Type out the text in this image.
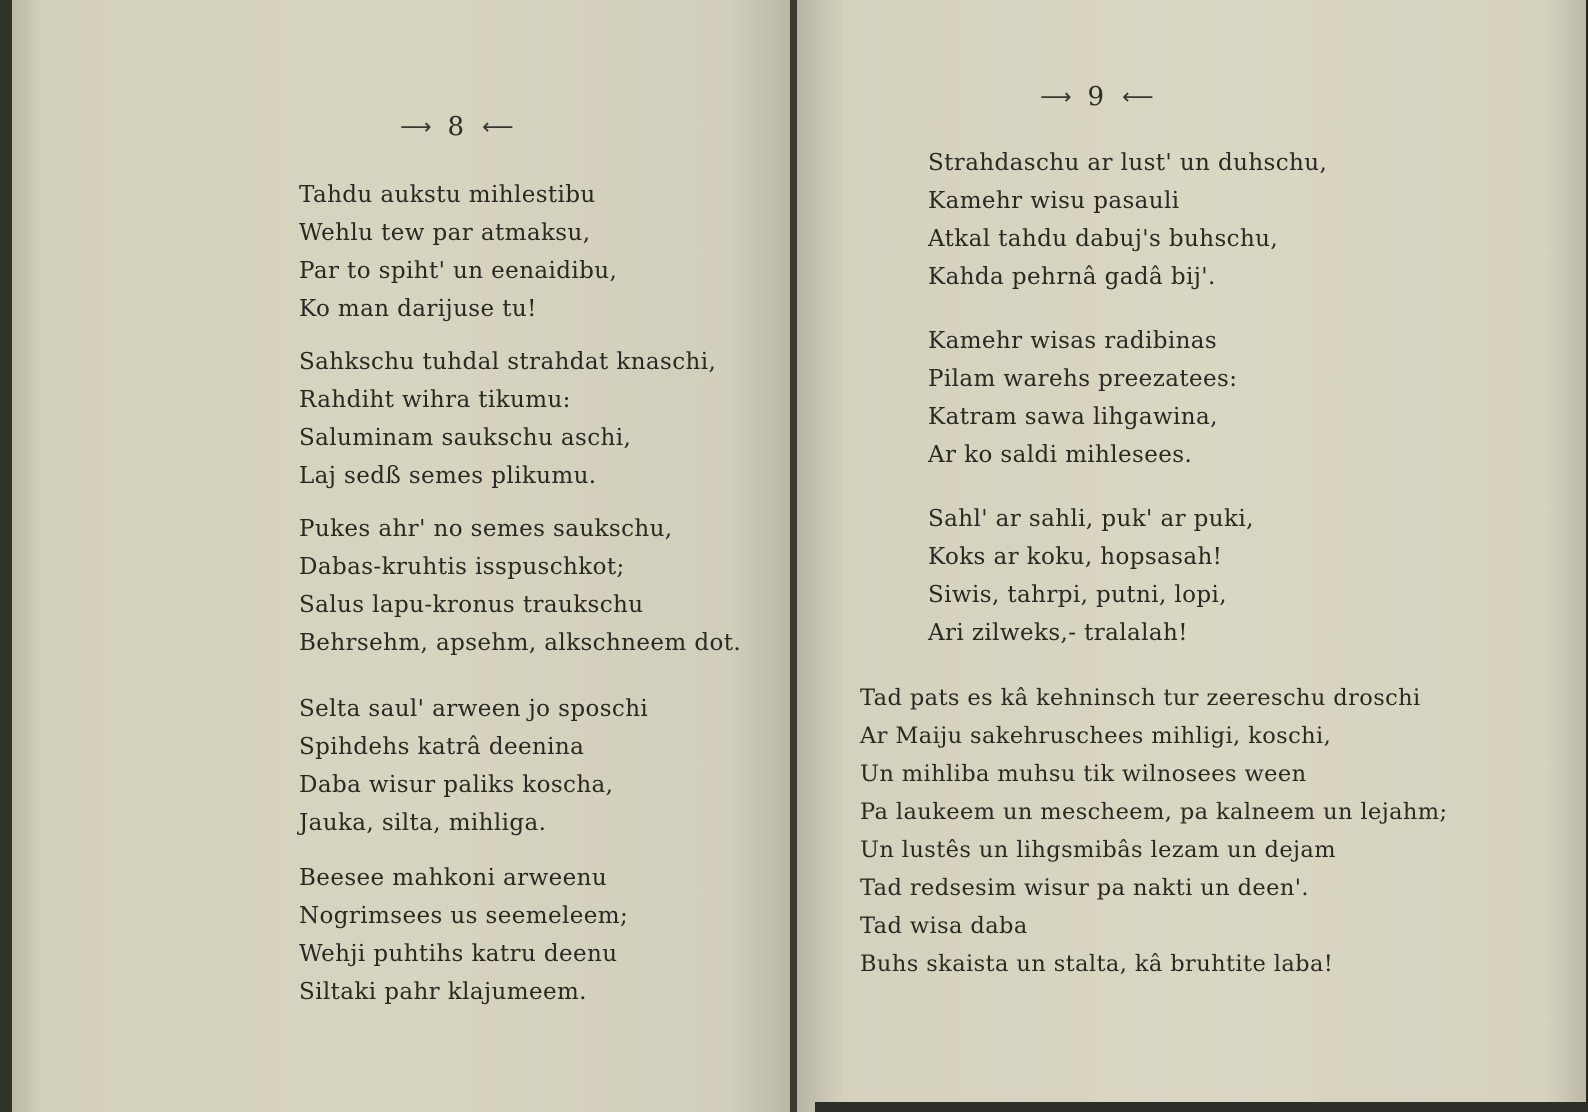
⟶ 8 ⟵
Tahdu aukstu mihlestibu
Wehlu tew par atmaksu,
Par to spiht' un eenaidibu,
Ko man darijuse tu!
Sahkschu tuhdal strahdat knaschi,
Rahdiht wihra tikumu:
Saluminam saukschu aschi,
Laj sedß semes plikumu.
Pukes ahr' no semes saukschu,
Dabas-kruhtis isspuschkot;
Salus lapu-kronus traukschu
Behrsehm, apsehm, alkschneem dot.
Selta saul' arween jo sposchi
Spihdehs katrâ deenina
Daba wisur paliks koscha,
Jauka, silta, mihliga.
Beesee mahkoni arweenu
Nogrimsees us seemeleem;
Wehji puhtihs katru deenu
Siltaki pahr klajumeem.
⟶ 9 ⟵
Strahdaschu ar lust' un duhschu,
Kamehr wisu pasauli
Atkal tahdu dabuj's buhschu,
Kahda pehrnâ gadâ bij'.
Kamehr wisas radibinas
Pilam warehs preezatees:
Katram sawa lihgawina,
Ar ko saldi mihlesees.
Sahl' ar sahli, puk' ar puki,
Koks ar koku, hopsasah!
Siwis, tahrpi, putni, lopi,
Ari zilweks,- tralalah!
Tad pats es kâ kehninsch tur zeereschu droschi
Ar Maiju sakehruschees mihligi, koschi,
Un mihliba muhsu tik wilnosees ween
Pa laukeem un meschеem, pa kalneem un lejahm;
Un lustês un lihgsmibâs lezam un dejam
Tad redsesim wisur pa nakti un deen'.
Tad wisa daba
Buhs skaista un stalta, kâ bruhtite laba!
